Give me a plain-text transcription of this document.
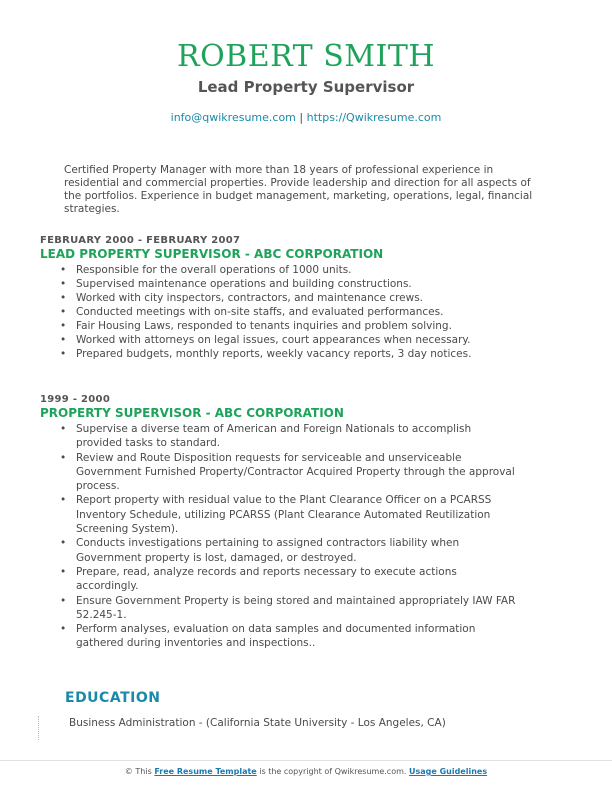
ROBERT SMITH
Lead Property Supervisor
info@qwikresume.com | https://Qwikresume.com
Certified Property Manager with more than 18 years of professional experience in residential and commercial properties. Provide leadership and direction for all aspects of the portfolios. Experience in budget management, marketing, operations, legal, financial strategies.
FEBRUARY 2000 - FEBRUARY 2007
LEAD PROPERTY SUPERVISOR - ABC CORPORATION
• Responsible for the overall operations of 1000 units.
• Supervised maintenance operations and building constructions.
• Worked with city inspectors, contractors, and maintenance crews.
• Conducted meetings with on-site staffs, and evaluated performances.
• Fair Housing Laws, responded to tenants inquiries and problem solving.
• Worked with attorneys on legal issues, court appearances when necessary.
• Prepared budgets, monthly reports, weekly vacancy reports, 3 day notices.
1999 - 2000
PROPERTY SUPERVISOR - ABC CORPORATION
• Supervise a diverse team of American and Foreign Nationals to accomplish provided tasks to standard.
• Review and Route Disposition requests for serviceable and unserviceable Government Furnished Property/Contractor Acquired Property through the approval process.
• Report property with residual value to the Plant Clearance Officer on a PCARSS Inventory Schedule, utilizing PCARSS (Plant Clearance Automated Reutilization Screening System).
• Conducts investigations pertaining to assigned contractors liability when Government property is lost, damaged, or destroyed.
• Prepare, read, analyze records and reports necessary to execute actions accordingly.
• Ensure Government Property is being stored and maintained appropriately IAW FAR 52.245-1.
• Perform analyses, evaluation on data samples and documented information gathered during inventories and inspections..
EDUCATION
Business Administration - (California State University - Los Angeles, CA)
© This Free Resume Template is the copyright of Qwikresume.com. Usage Guidelines
